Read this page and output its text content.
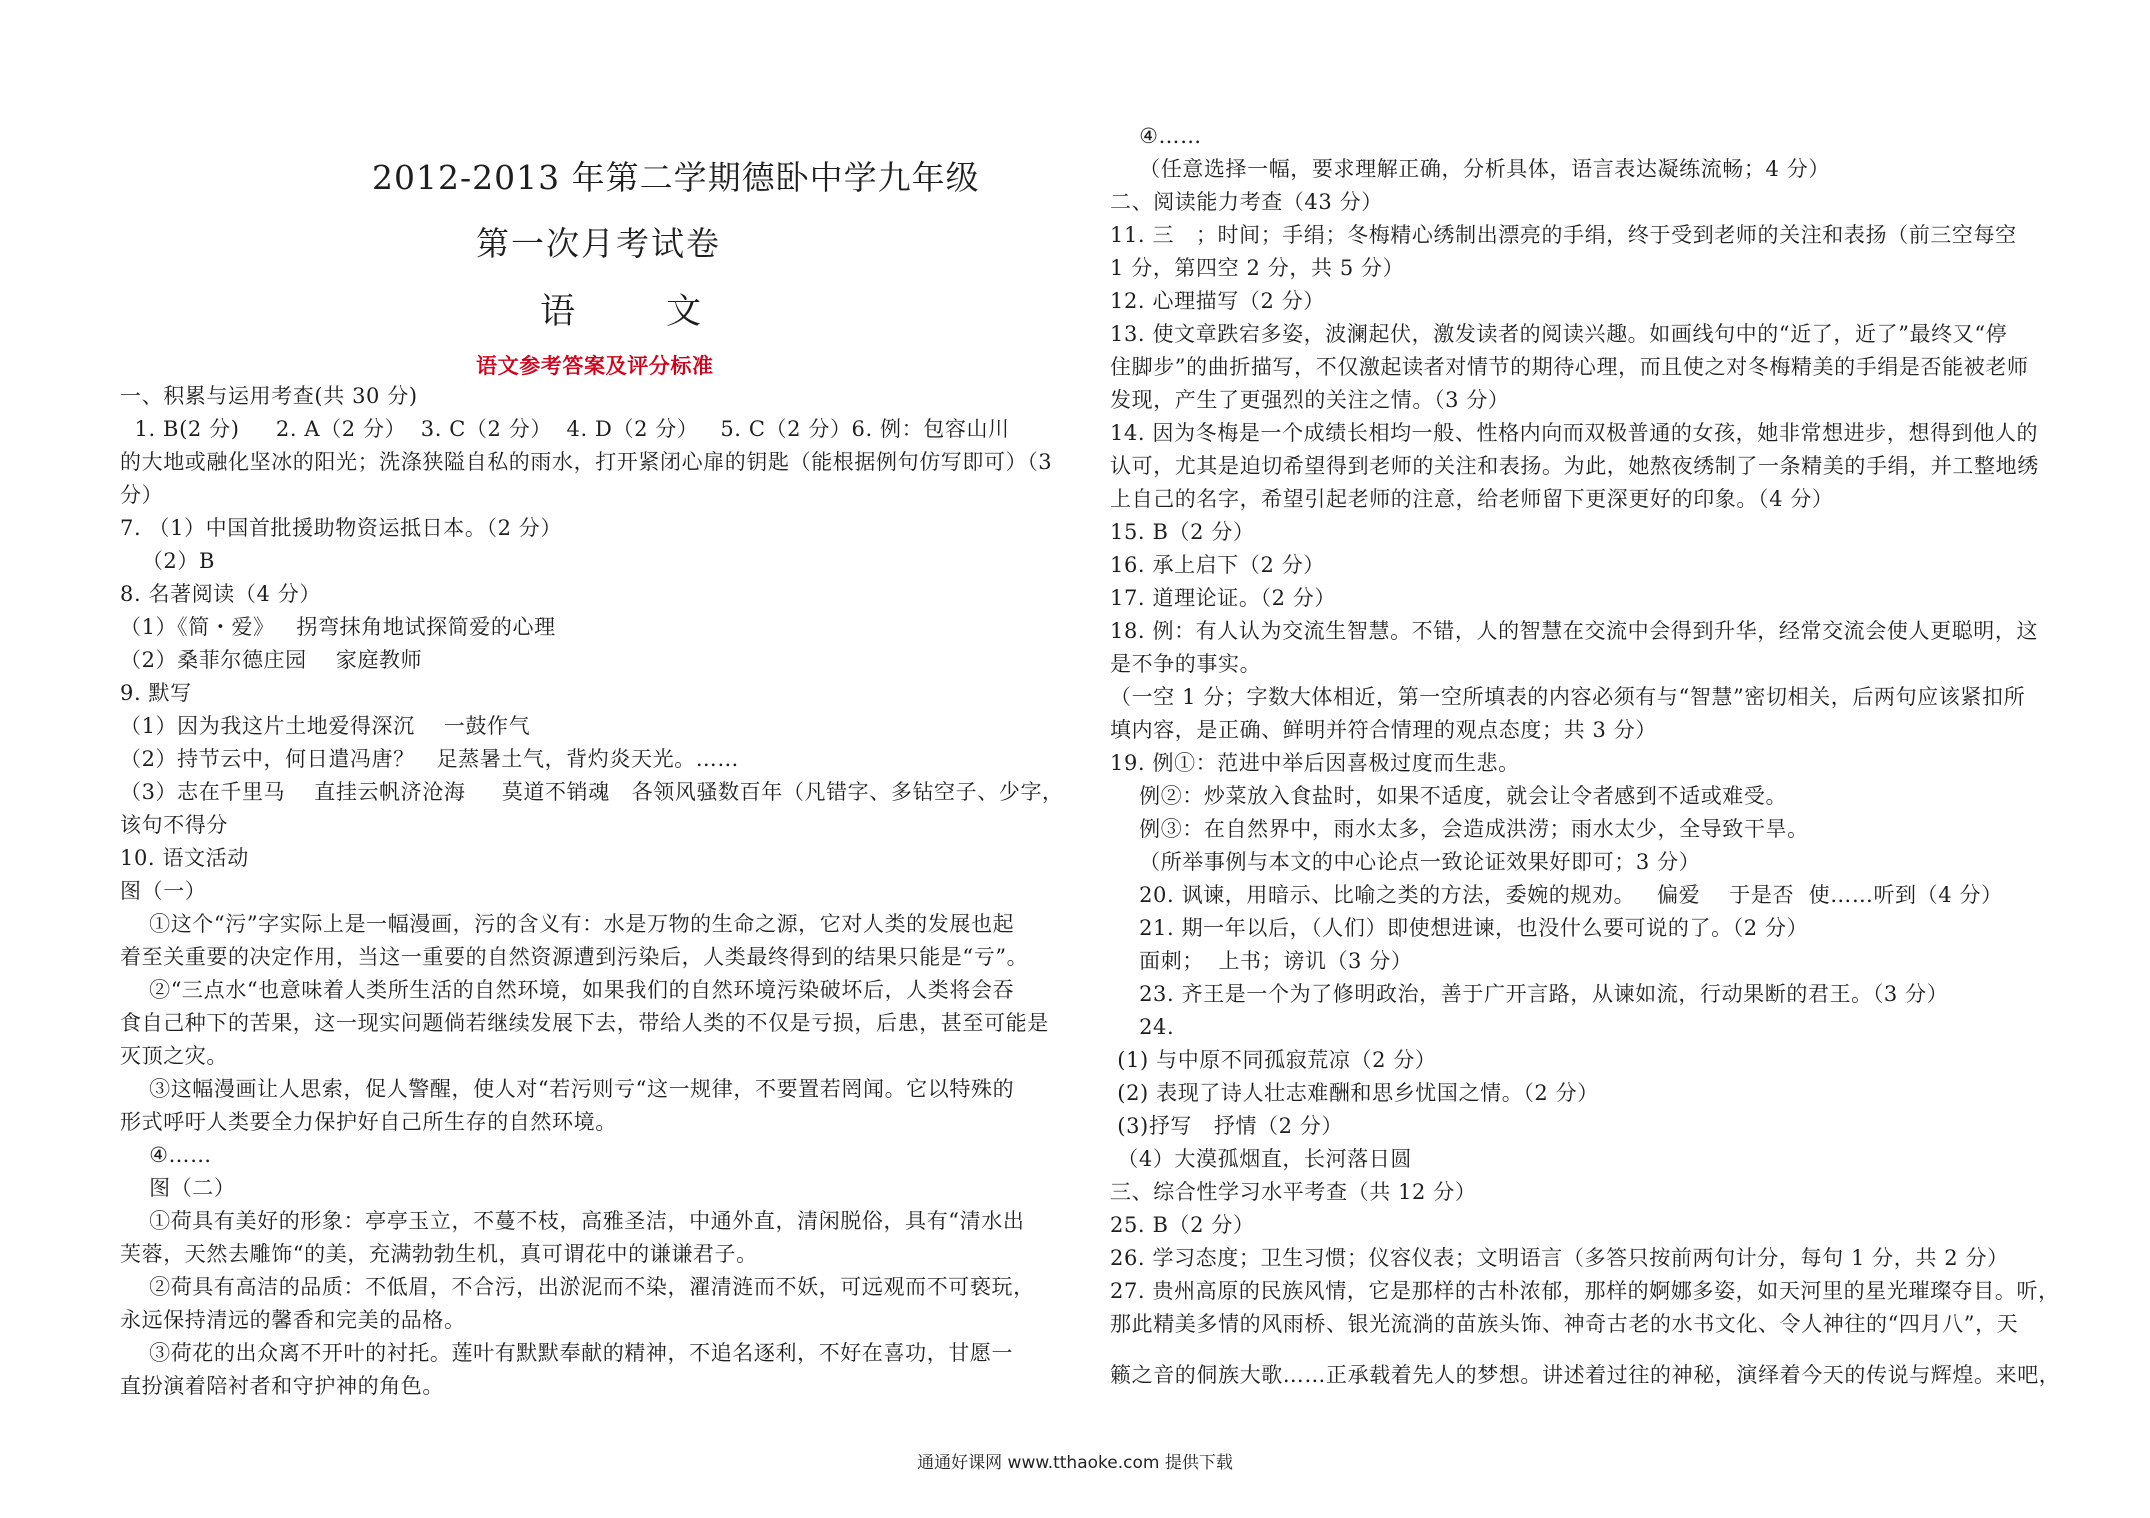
2012-2013 年第二学期德卧中学九年级
第一次月考试卷
语 文
语文参考答案及评分标准
一、积累与运用考查(共 30 分)
1. B(2 分)     2. A（2 分）  3. C（2 分）  4. D（2 分）   5. C（2 分）6. 例：包容山川
的大地或融化坚冰的阳光；洗涤狭隘自私的雨水，打开紧闭心扉的钥匙（能根据例句仿写即可）（3
分）
7. （1）中国首批援助物资运抵日本。（2 分）
（2）B
8. 名著阅读（4 分）
（1）《简・爱》   拐弯抹角地试探简爱的心理
（2）桑菲尔德庄园    家庭教师
9. 默写
（1）因为我这片土地爱得深沉    一鼓作气
（2）持节云中，何日遣冯唐？   足蒸暑土气，背灼炎天光。……
（3）志在千里马    直挂云帆济沧海     莫道不销魂   各领风骚数百年（凡错字、多钻空子、少字，
该句不得分
10. 语文活动
图（一）
①这个“污”字实际上是一幅漫画，污的含义有：水是万物的生命之源，它对人类的发展也起
着至关重要的决定作用，当这一重要的自然资源遭到污染后，人类最终得到的结果只能是“亏”。
②“三点水“也意味着人类所生活的自然环境，如果我们的自然环境污染破坏后，人类将会吞
食自己种下的苦果，这一现实问题倘若继续发展下去，带给人类的不仅是亏损，后患，甚至可能是
灭顶之灾。
③这幅漫画让人思索，促人警醒，使人对“若污则亏“这一规律，不要置若罔闻。它以特殊的
形式呼吁人类要全力保护好自己所生存的自然环境。
④……
图（二）
①荷具有美好的形象：亭亭玉立，不蔓不枝，高雅圣洁，中通外直，清闲脱俗，具有“清水出
芙蓉，天然去雕饰“的美，充满勃勃生机，真可谓花中的谦谦君子。
②荷具有高洁的品质：不低眉，不合污，出淤泥而不染，濯清涟而不妖，可远观而不可亵玩，
永远保持清远的馨香和完美的品格。
③荷花的出众离不开叶的衬托。莲叶有默默奉献的精神，不追名逐利，不好在喜功，甘愿一
直扮演着陪衬者和守护神的角色。
④……
（任意选择一幅，要求理解正确，分析具体，语言表达凝练流畅；4 分）
二、阅读能力考查（43 分）
11. 三   ；时间；手绢；冬梅精心绣制出漂亮的手绢，终于受到老师的关注和表扬（前三空每空
1 分，第四空 2 分，共 5 分）
12. 心理描写（2 分）
13. 使文章跌宕多姿，波澜起伏，激发读者的阅读兴趣。如画线句中的“近了，近了”最终又“停
住脚步”的曲折描写，不仅激起读者对情节的期待心理，而且使之对冬梅精美的手绢是否能被老师
发现，产生了更强烈的关注之情。（3 分）
14. 因为冬梅是一个成绩长相均一般、性格内向而双极普通的女孩，她非常想进步，想得到他人的
认可，尤其是迫切希望得到老师的关注和表扬。为此，她熬夜绣制了一条精美的手绢，并工整地绣
上自己的名字，希望引起老师的注意，给老师留下更深更好的印象。（4 分）
15. B（2 分）
16. 承上启下（2 分）
17. 道理论证。（2 分）
18. 例：有人认为交流生智慧。不错，人的智慧在交流中会得到升华，经常交流会使人更聪明，这
是不争的事实。
（一空 1 分；字数大体相近，第一空所填表的内容必须有与“智慧”密切相关，后两句应该紧扣所
填内容，是正确、鲜明并符合情理的观点态度；共 3 分）
19. 例①：范进中举后因喜极过度而生悲。
例②：炒菜放入食盐时，如果不适度，就会让令者感到不适或难受。
例③：在自然界中，雨水太多，会造成洪涝；雨水太少，全导致干旱。
（所举事例与本文的中心论点一致论证效果好即可；3 分）
20. 讽谏，用暗示、比喻之类的方法，委婉的规劝。   偏爱    于是否  使……听到（4 分）
21. 期一年以后，（人们）即使想进谏，也没什么要可说的了。（2 分）
面刺；  上书；谤讥（3 分）
23. 齐王是一个为了修明政治，善于广开言路，从谏如流，行动果断的君王。（3 分）
24.
(1) 与中原不同孤寂荒凉（2 分）
(2) 表现了诗人壮志难酬和思乡忧国之情。（2 分）
(3)抒写   抒情（2 分）
（4）大漠孤烟直，长河落日圆
三、综合性学习水平考查（共 12 分）
25. B（2 分）
26. 学习态度；卫生习惯；仪容仪表；文明语言（多答只按前两句计分，每句 1 分，共 2 分）
27. 贵州高原的民族风情，它是那样的古朴浓郁，那样的婀娜多姿，如天河里的星光璀璨夺目。听，
那此精美多情的风雨桥、银光流淌的苗族头饰、神奇古老的水书文化、令人神往的“四月八”，天
籁之音的侗族大歌……正承载着先人的梦想。讲述着过往的神秘，演绎着今天的传说与辉煌。来吧，
通通好课网 www.tthaoke.com 提供下载
